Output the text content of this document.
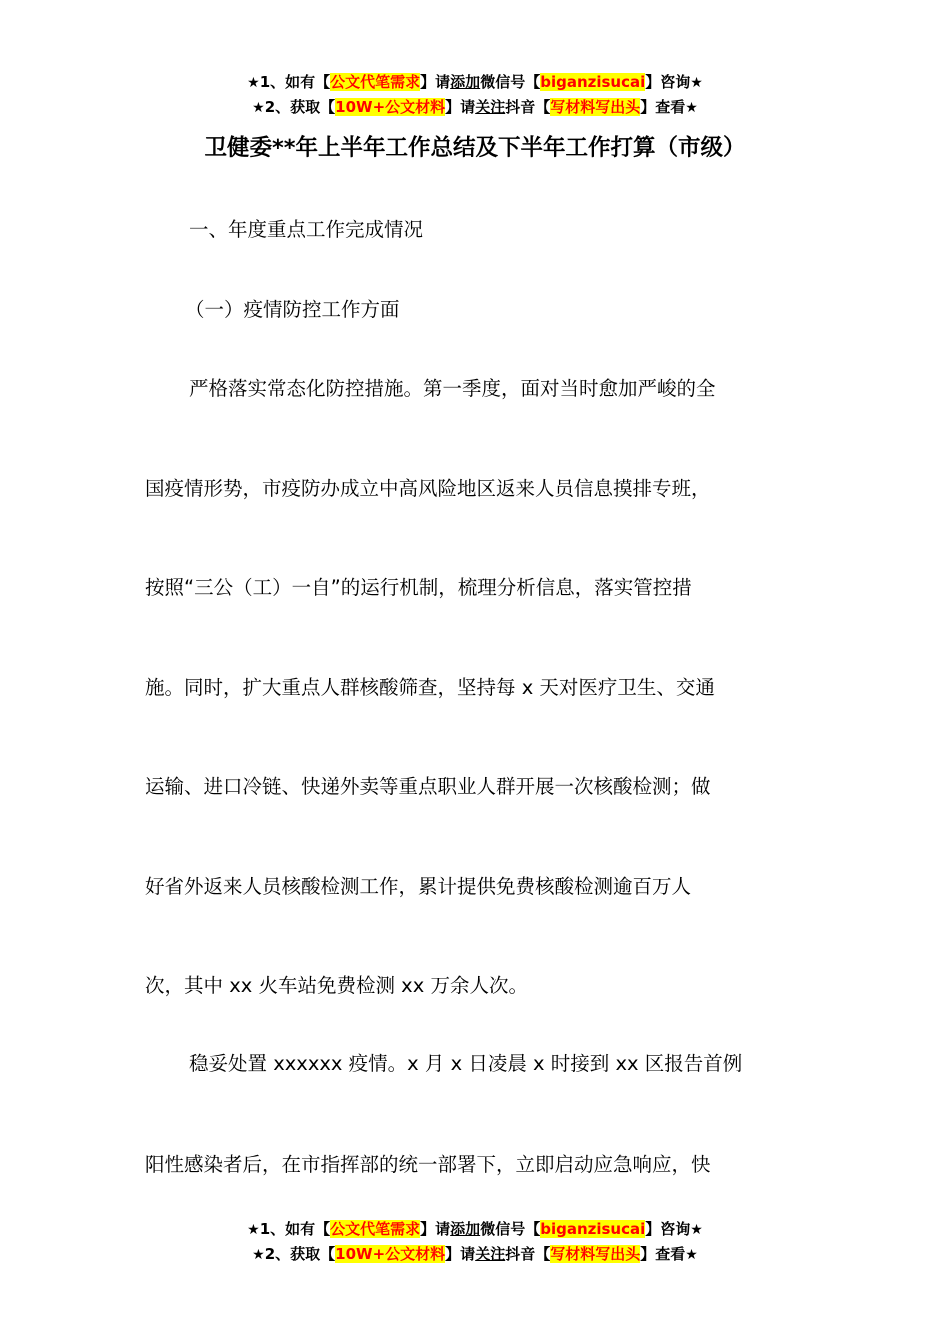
★1、如有【公文代笔需求】请添加微信号【biganzisucai】咨询★
★2、获取【10W+公文材料】请关注抖音【写材料写出头】查看★
卫健委**年上半年工作总结及下半年工作打算（市级）
一、年度重点工作完成情况
（一）疫情防控工作方面
严格落实常态化防控措施。第一季度，面对当时愈加严峻的全
国疫情形势，市疫防办成立中高风险地区返来人员信息摸排专班，
按照“三公（工）一自”的运行机制，梳理分析信息，落实管控措
施。同时，扩大重点人群核酸筛查，坚持每 x 天对医疗卫生、交通
运输、进口冷链、快递外卖等重点职业人群开展一次核酸检测；做
好省外返来人员核酸检测工作，累计提供免费核酸检测逾百万人
次，其中 xx 火车站免费检测 xx 万余人次。
稳妥处置 xxxxxx 疫情。x 月 x 日凌晨 x 时接到 xx 区报告首例
阳性感染者后，在市指挥部的统一部署下，立即启动应急响应，快
★1、如有【公文代笔需求】请添加微信号【biganzisucai】咨询★
★2、获取【10W+公文材料】请关注抖音【写材料写出头】查看★
